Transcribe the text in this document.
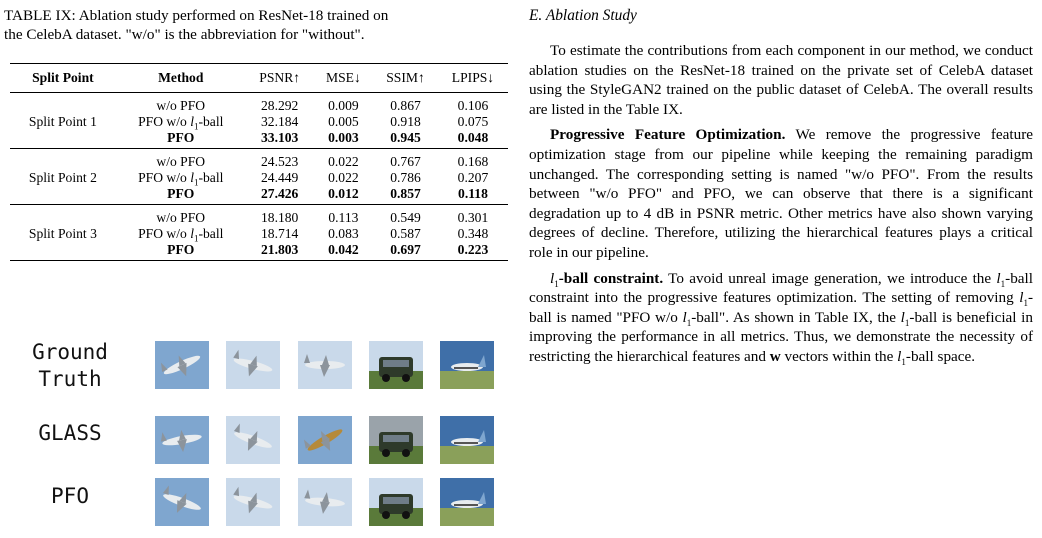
TABLE IX: Ablation study performed on ResNet-18 trained on
the CelebA dataset. "w/o" is the abbreviation for "without".
Split Point	Method	PSNR↑	MSE↓	SSIM↑	LPIPS↓
	w/o PFO	28.292	0.009	0.867	0.106
Split Point 1	PFO w/o $l_1$-ball	32.184	0.005	0.918	0.075
	PFO	33.103	0.003	0.945	0.048
	w/o PFO	24.523	0.022	0.767	0.168
Split Point 2	PFO w/o $l_1$-ball	24.449	0.022	0.786	0.207
	PFO	27.426	0.012	0.857	0.118
	w/o PFO	18.180	0.113	0.549	0.301
Split Point 3	PFO w/o $l_1$-ball	18.714	0.083	0.587	0.348
	PFO	21.803	0.042	0.697	0.223
Ground
Truth
GLASS
PFO
E. Ablation Study

To estimate the contributions from each component in our method, we conduct ablation studies on the ResNet-18 trained on the private set of CelebA dataset using the StyleGAN2 trained on the public dataset of CelebA. The overall results are listed in the Table IX.

Progressive Feature Optimization. We remove the progressive feature optimization stage from our pipeline while keeping the remaining paradigm unchanged. The corresponding setting is named "w/o PFO". From the results between "w/o PFO" and PFO, we can observe that there is a significant degradation up to 4 dB in PSNR metric. Other metrics have also shown varying degrees of decline. Therefore, utilizing the hierarchical features plays a critical role in our pipeline.

$l_1$-ball constraint. To avoid unreal image generation, we introduce the $l_1$-ball constraint into the progressive features optimization. The setting of removing $l_1$-ball is named "PFO w/o $l_1$-ball". As shown in Table IX, the $l_1$-ball is beneficial in improving the performance in all metrics. Thus, we demonstrate the necessity of restricting the hierarchical features and w vectors within the $l_1$-ball space.
